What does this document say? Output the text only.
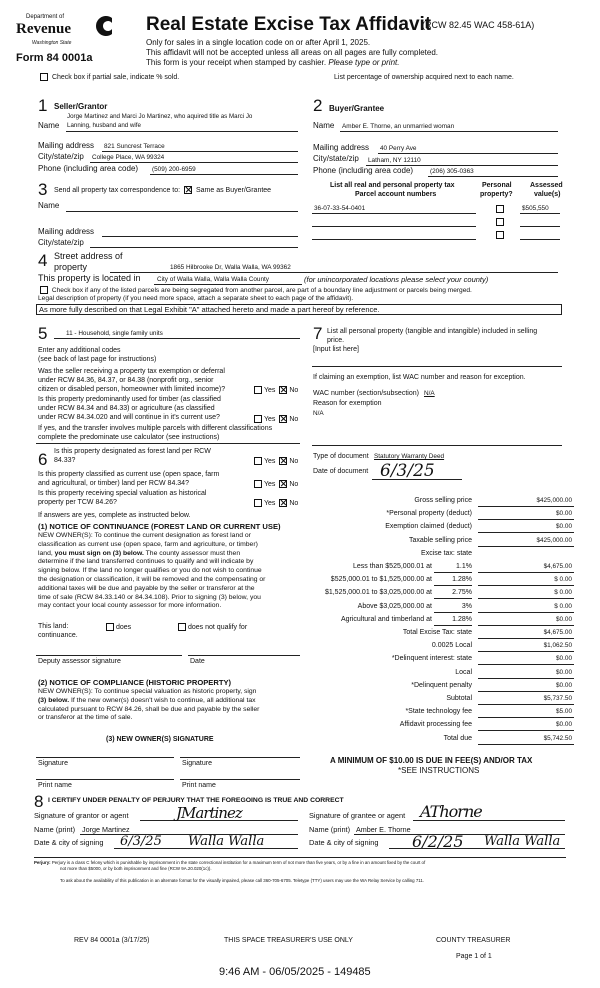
Department of
Revenue
Washington State
Form 84 0001a
Real Estate Excise Tax Affidavit
(RCW 82.45 WAC 458-61A)
Only for sales in a single location code on or after April 1, 2025.
This affidavit will not be accepted unless all areas on all pages are fully completed.
This form is your receipt when stamped by cashier. Please type or print.
Check box if partial sale, indicate % sold.	List percentage of ownership acquired next to each name.
1 Seller/Grantor
Jorge Martinez and Marci Jo Martinez, who aquired title as Marci Jo
Name Lanning, husband and wife
Mailing address 821 Suncrest Terrace
City/state/zip College Place, WA 99324
Phone (including area code) (509) 200-6959
2 Buyer/Grantee
Name Amber E. Thorne, an unmarried woman
Mailing address 40 Perry Ave
City/state/zip Latham, NY 12110
Phone (including area code)	(206) 305-0363
3 Send all property tax correspondence to: Same as Buyer/Grantee
Name
Mailing address
City/state/zip
List all real and personal property tax
Parcel account numbers
Personal
property?
Assessed
value(s)
36-07-33-54-0401	$505,550
4 Street address of
property	1865 Hilbrooke Dr, Walla Walla, WA 99362
This property is located in	City of Walla Walla, Walla Walla County	(for unincorporated locations please select your county)
Check box if any of the listed parcels are being segregated from another parcel, are part of a boundary line adjustment or parcels being merged.
Legal description of property (if you need more space, attach a separate sheet to each page of the affidavit).
As more fully described on that Legal Exhibit "A" attached hereto and made a part hereof by reference.
5	11 - Household, single family units
Enter any additional codes
(see back of last page for instructions)
Was the seller receiving a property tax exemption or deferral
under RCW 84.36, 84.37, or 84.38 (nonprofit org., senior
citizen or disabled person, homeowner with limited income)?	Yes No
Is this property predominantly used for timber (as classified
under RCW 84.34 and 84.33) or agriculture (as classified
under RCW 84.34.020 and will continue in it's current use?	Yes No
If yes, and the transfer involves multiple parcels with different classifications
complete the predominate use calculator (see instructions)
6 Is this property designated as forest land per RCW
84.33?	Yes No
Is this property classified as current use (open space, farm
and agricultural, or timber) land per RCW 84.34?	Yes No
Is this property receiving special valuation as historical
property per TCW 84.26?	Yes No
If answers are yes, complete as instructed below.
(1) NOTICE OF CONTINUANCE (FOREST LAND OR CURRENT USE)
NEW OWNER(S): To continue the current designation as forest land or
classification as current use (open space, farm and agriculture, or timber)
land, you must sign on (3) below. The county assessor must then
determine if the land transferred continues to qualify and will indicate by
signing below. If the land no longer qualifies or you do not wish to continue
the designation or classification, it will be removed and the compensating or
additional taxes will be due and payable by the seller or transferor at the
time of sale (RCW 84.33.140 or 84.34.108). Prior to signing (3) below, you
may contact your local county assessor for more information.
This land:
continuance.
does	does not qualify for
Deputy assessor signature	Date
(2) NOTICE OF COMPLIANCE (HISTORIC PROPERTY)
NEW OWNER(S): To continue special valuation as historic property, sign
(3) below. If the new owner(s) doesn't wish to continue, all additional tax
calculated pursuant to RCW 84.26, shall be due and payable by the seller
or transferor at the time of sale.
(3) NEW OWNER(S) SIGNATURE
Signature	Signature
Print name	Print name
7 List all personal property (tangible and intangible) included in selling
price.
[Input list here]
If claiming an exemption, list WAC number and reason for exception.
WAC number (section/subsection) N/A
Reason for exemption
N/A
Type of document Statutory Warranty Deed
Date of document 6/3/25
Gross selling price	$425,000.00
*Personal property (deduct)	$0.00
Exemption claimed (deduct)	$0.00
Taxable selling price	$425,000.00
Excise tax: state
Less than $525,000.01 at	1.1%	$4,675.00
$525,000.01 to $1,525,000.00 at	1.28%	$ 0.00
$1,525,000.01 to $3,025,000.00 at	2.75%	$ 0.00
Above $3,025,000.00 at	3%	$ 0.00
Agricultural and timberland at	1.28%	$0.00
Total Excise Tax: state	$4,675.00
0.0025 Local	$1,062.50
*Delinquent interest: state	$0.00
Local	$0.00
*Delinquent penalty	$0.00
Subtotal	$5,737.50
*State technology fee	$5.00
Affidavit processing fee	$0.00
Total due	$5,742.50
A MINIMUM OF $10.00 IS DUE IN FEE(S) AND/OR TAX
*SEE INSTRUCTIONS
8 I CERTIFY UNDER PENALTY OF PERJURY THAT THE FOREGOING IS TRUE AND CORRECT
Signature of grantor or agent	JMartinez	Signature of grantee or agent AThorne
Name (print) Jorge Martinez	Name (print) Amber E. Thorne
Date & city of signing 6/3/25 Walla Walla	Date & city of signing 6/2/25 Walla Walla
Perjury: Perjury is a class C felony which is punishable by imprisonment in the state correctional institution for a maximum term of not more than five years, or by a fine in an amount fixed by the court of
not more than $5000, or by both imprisonment and fine (RCW 9A.20.020(1c)).
To ask about the availability of this publication in an alternate format for the visually impaired, please call 360-705-6705. Teletype (TTY) users may use the WA Relay Service by calling 711.
REV 84 0001a (3/17/25)	THIS SPACE TREASURER'S USE ONLY	COUNTY TREASURER
Page 1 of 1
9:46 AM - 06/05/2025 - 149485
